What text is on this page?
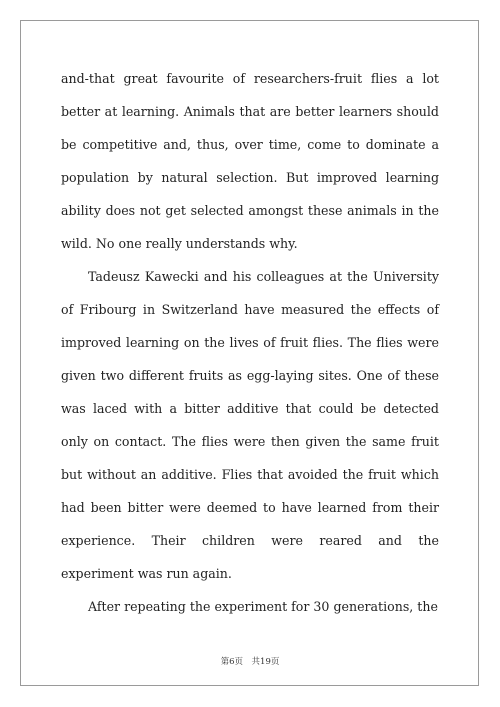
and-that great favourite of researchers-fruit flies a lot better at learning. Animals that are better learners should be competitive and, thus, over time, come to dominate a population by natural selection. But improved learning ability does not get selected amongst these animals in the wild. No one really understands why.

Tadeusz Kawecki and his colleagues at the University of Fribourg in Switzerland have measured the effects of improved learning on the lives of fruit flies. The flies were given two different fruits as egg-laying sites. One of these was laced with a bitter additive that could be detected only on contact. The flies were then given the same fruit but without an additive. Flies that avoided the fruit which had been bitter were deemed to have learned from their experience. Their children were reared and the experiment was run again.

After repeating the experiment for 30 generations, the

第6页　共19页
